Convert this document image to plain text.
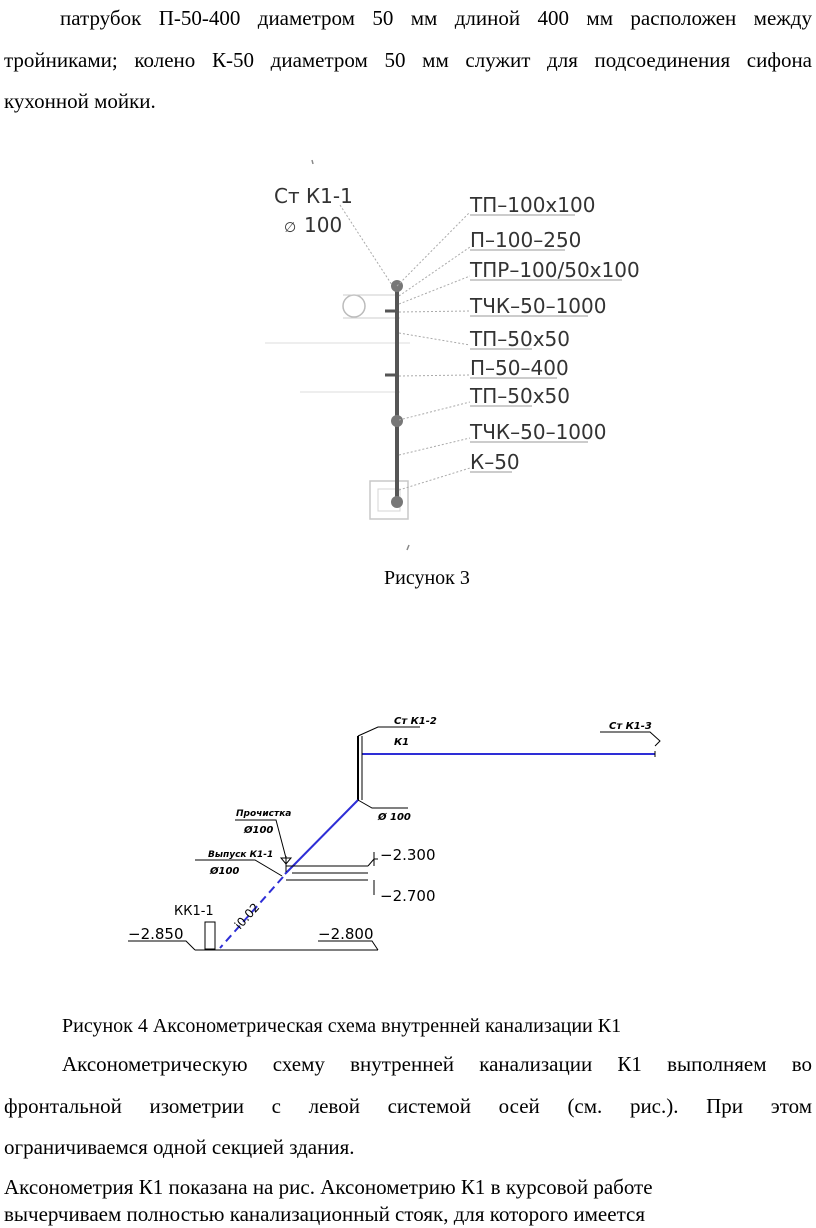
патрубок П-50-400 диаметром 50 мм длиной 400 мм расположен между
тройниками; колено К-50 диаметром 50 мм служит для подсоединения сифона
кухонной мойки.
Ст К1-1
∅ 100
ТП–100х100
П–100–250
ТПР–100/50х100
ТЧК–50–1000
ТП–50х50
П–50–400
ТП–50х50
ТЧК–50–1000
К–50
Рисунок 3
Ст К1-2
К1
Ст К1-3
Ø 100
Прочистка
Ø100
Выпуск К1-1
Ø100
−2.300
−2.700
i0.02
КК1-1
−2.850	−2.800
Рисунок 4 Аксонометрическая схема внутренней канализации К1
Аксонометрическую схему внутренней канализации К1 выполняем во
фронтальной изометрии с левой системой осей (см. рис.). При этом
ограничиваемся одной секцией здания.
Аксонометрия К1 показана на рис. Аксонометрию К1 в курсовой работе
вычерчиваем полностью канализационный стояк, для которого имеется
